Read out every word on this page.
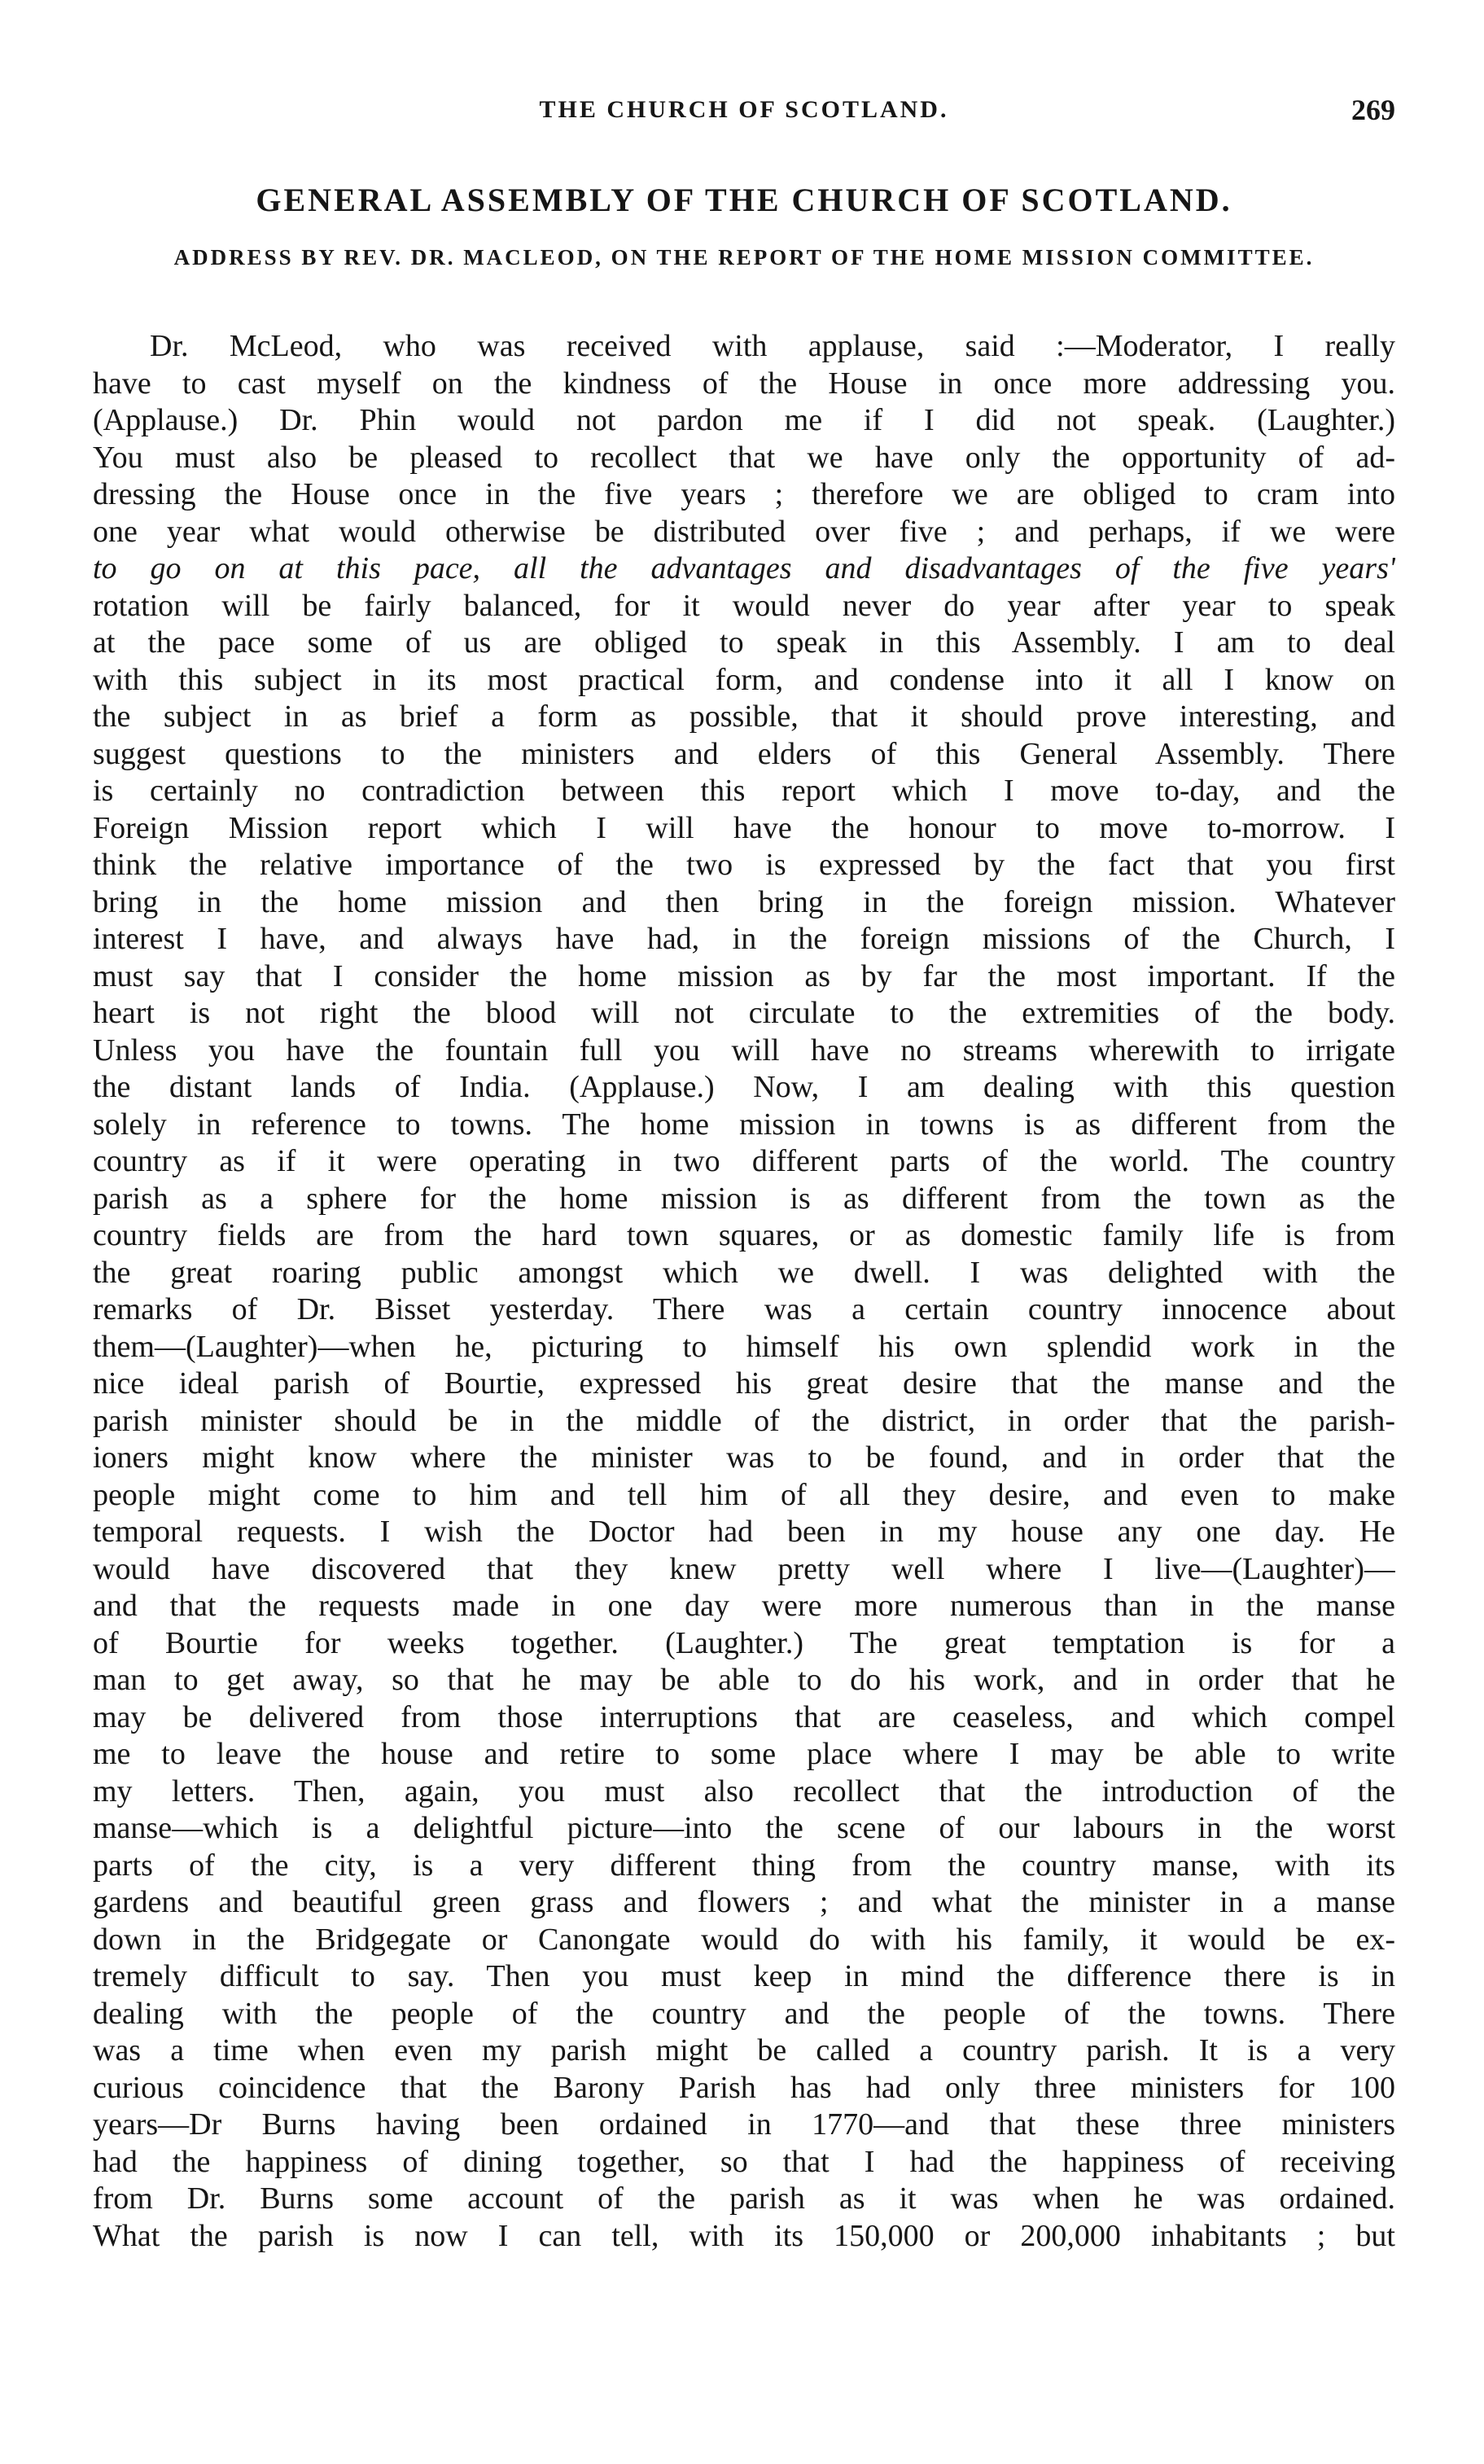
THE CHURCH OF SCOTLAND.	269
GENERAL ASSEMBLY OF THE CHURCH OF SCOTLAND.
ADDRESS BY REV. DR. MACLEOD, ON THE REPORT OF THE HOME MISSION COMMITTEE.
Dr. McLeod, who was received with applause, said :—Moderator, I really
have to cast myself on the kindness of the House in once more addressing you.
(Applause.) Dr. Phin would not pardon me if I did not speak. (Laughter.)
You must also be pleased to recollect that we have only the opportunity of ad-
dressing the House once in the five years ; therefore we are obliged to cram into
one year what would otherwise be distributed over five ; and perhaps, if we were
to go on at this pace, all the advantages and disadvantages of the five years'
rotation will be fairly balanced, for it would never do year after year to speak
at the pace some of us are obliged to speak in this Assembly. I am to deal
with this subject in its most practical form, and condense into it all I know on
the subject in as brief a form as possible, that it should prove interesting, and
suggest questions to the ministers and elders of this General Assembly. There
is certainly no contradiction between this report which I move to-day, and the
Foreign Mission report which I will have the honour to move to-morrow. I
think the relative importance of the two is expressed by the fact that you first
bring in the home mission and then bring in the foreign mission. Whatever
interest I have, and always have had, in the foreign missions of the Church, I
must say that I consider the home mission as by far the most important. If the
heart is not right the blood will not circulate to the extremities of the body.
Unless you have the fountain full you will have no streams wherewith to irrigate
the distant lands of India. (Applause.) Now, I am dealing with this question
solely in reference to towns. The home mission in towns is as different from the
country as if it were operating in two different parts of the world. The country
parish as a sphere for the home mission is as different from the town as the
country fields are from the hard town squares, or as domestic family life is from
the great roaring public amongst which we dwell. I was delighted with the
remarks of Dr. Bisset yesterday. There was a certain country innocence about
them—(Laughter)—when he, picturing to himself his own splendid work in the
nice ideal parish of Bourtie, expressed his great desire that the manse and the
parish minister should be in the middle of the district, in order that the parish-
ioners might know where the minister was to be found, and in order that the
people might come to him and tell him of all they desire, and even to make
temporal requests. I wish the Doctor had been in my house any one day. He
would have discovered that they knew pretty well where I live—(Laughter)—
and that the requests made in one day were more numerous than in the manse
of Bourtie for weeks together. (Laughter.) The great temptation is for a
man to get away, so that he may be able to do his work, and in order that he
may be delivered from those interruptions that are ceaseless, and which compel
me to leave the house and retire to some place where I may be able to write
my letters. Then, again, you must also recollect that the introduction of the
manse—which is a delightful picture—into the scene of our labours in the worst
parts of the city, is a very different thing from the country manse, with its
gardens and beautiful green grass and flowers ; and what the minister in a manse
down in the Bridgegate or Canongate would do with his family, it would be ex-
tremely difficult to say. Then you must keep in mind the difference there is in
dealing with the people of the country and the people of the towns. There
was a time when even my parish might be called a country parish. It is a very
curious coincidence that the Barony Parish has had only three ministers for 100
years—Dr Burns having been ordained in 1770—and that these three ministers
had the happiness of dining together, so that I had the happiness of receiving
from Dr. Burns some account of the parish as it was when he was ordained.
What the parish is now I can tell, with its 150,000 or 200,000 inhabitants ; but
